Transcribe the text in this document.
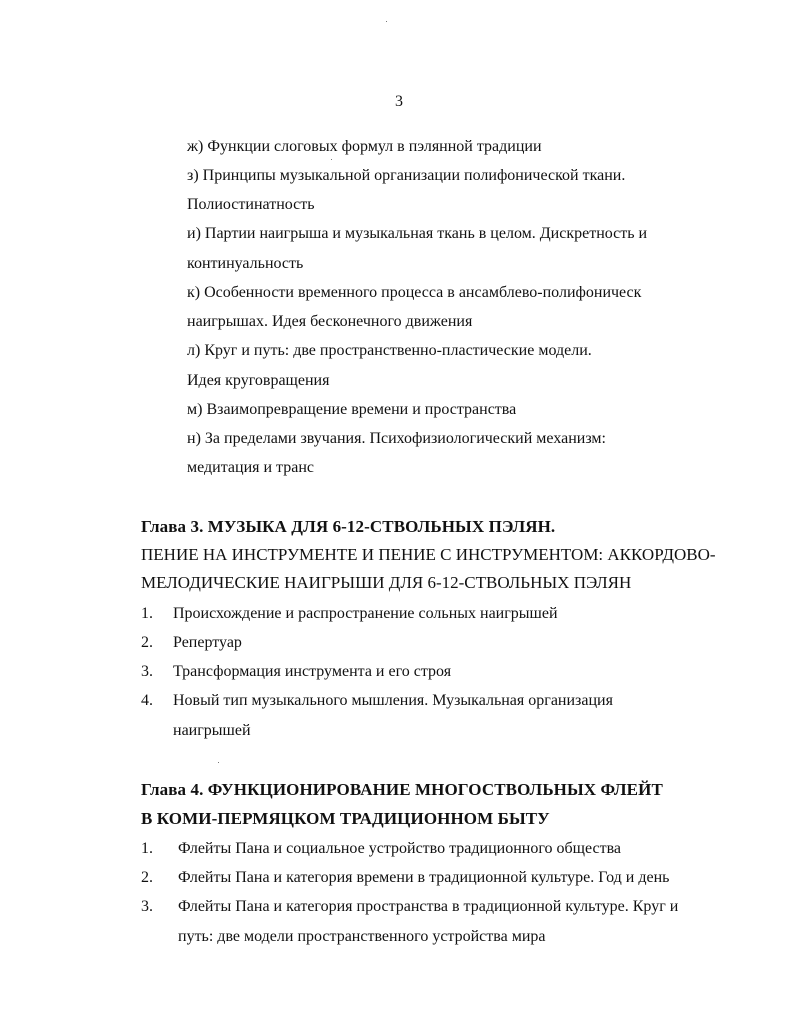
3
ж) Функции слоговых формул в пэлянной традиции
з) Принципы музыкальной организации полифонической ткани.
Полиостинатность
и) Партии наигрыша и музыкальная ткань в целом. Дискретность и
континуальность
к) Особенности временного процесса в ансамблево-полифоническ
наигрышах. Идея бесконечного движения
л) Круг и путь: две пространственно-пластические модели.
Идея круговращения
м) Взаимопревращение времени и пространства
н) За пределами звучания. Психофизиологический механизм:
медитация и транс
Глава 3. МУЗЫКА ДЛЯ 6-12-СТВОЛЬНЫХ ПЭЛЯН.
ПЕНИЕ НА ИНСТРУМЕНТЕ И ПЕНИЕ С ИНСТРУМЕНТОМ: АККОРДОВО-
МЕЛОДИЧЕСКИЕ НАИГРЫШИ ДЛЯ 6-12-СТВОЛЬНЫХ ПЭЛЯН
1. Происхождение и распространение сольных наигрышей
2. Репертуар
3. Трансформация инструмента и его строя
4. Новый тип музыкального мышления. Музыкальная организация
наигрышей
Глава 4. ФУНКЦИОНИРОВАНИЕ МНОГОСТВОЛЬНЫХ ФЛЕЙТ
В КОМИ-ПЕРМЯЦКОМ ТРАДИЦИОННОМ БЫТУ
1. Флейты Пана и социальное устройство традиционного общества
2. Флейты Пана и категория времени в традиционной культуре. Год и день
3. Флейты Пана и категория пространства в традиционной культуре. Круг и
путь: две модели пространственного устройства мира
